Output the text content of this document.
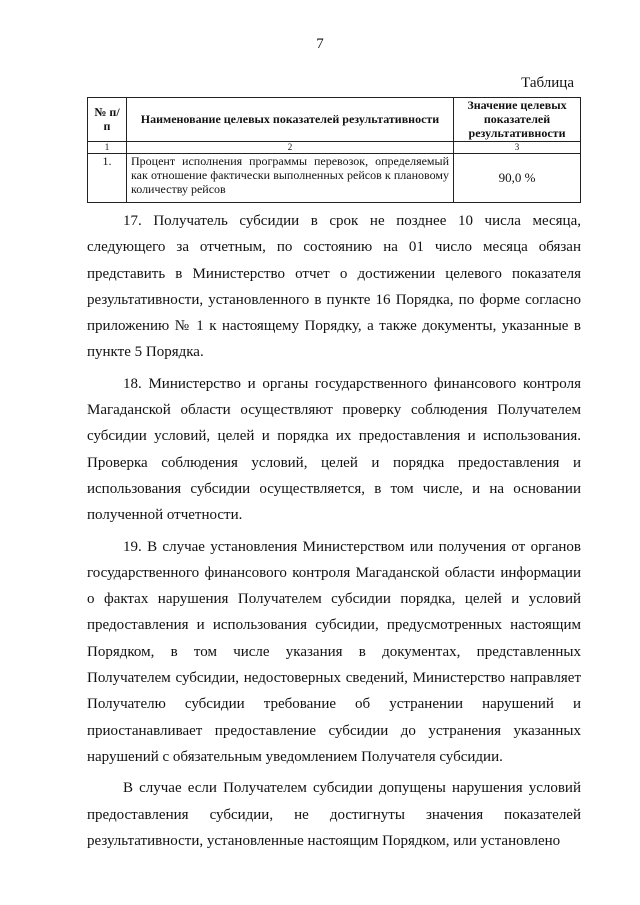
7
Таблица
№ п/п	Наименование целевых показателей результативности	Значение целевых показателей результативности
1	2	3
1.	Процент исполнения программы перевозок, определяемый как отношение фактически выполненных рейсов к плановому количеству рейсов	90,0 %

17. Получатель субсидии в срок не позднее 10 числа месяца, следующего за отчетным, по состоянию на 01 число месяца обязан представить в Министерство отчет о достижении целевого показателя результативности, установленного в пункте 16 Порядка, по форме согласно приложению № 1 к настоящему Порядку, а также документы, указанные в пункте 5 Порядка.

18. Министерство и органы государственного финансового контроля Магаданской области осуществляют проверку соблюдения Получателем субсидии условий, целей и порядка их предоставления и использования. Проверка соблюдения условий, целей и порядка предоставления и использования субсидии осуществляется, в том числе, и на основании полученной отчетности.

19. В случае установления Министерством или получения от органов государственного финансового контроля Магаданской области информации о фактах нарушения Получателем субсидии порядка, целей и условий предоставления и использования субсидии, предусмотренных настоящим Порядком, в том числе указания в документах, представленных Получателем субсидии, недостоверных сведений, Министерство направляет Получателю субсидии требование об устранении нарушений и приостанавливает предоставление субсидии до устранения указанных нарушений с обязательным уведомлением Получателя субсидии.

В случае если Получателем субсидии допущены нарушения условий предоставления субсидии, не достигнуты значения показателей результативности, установленные настоящим Порядком, или установлено
